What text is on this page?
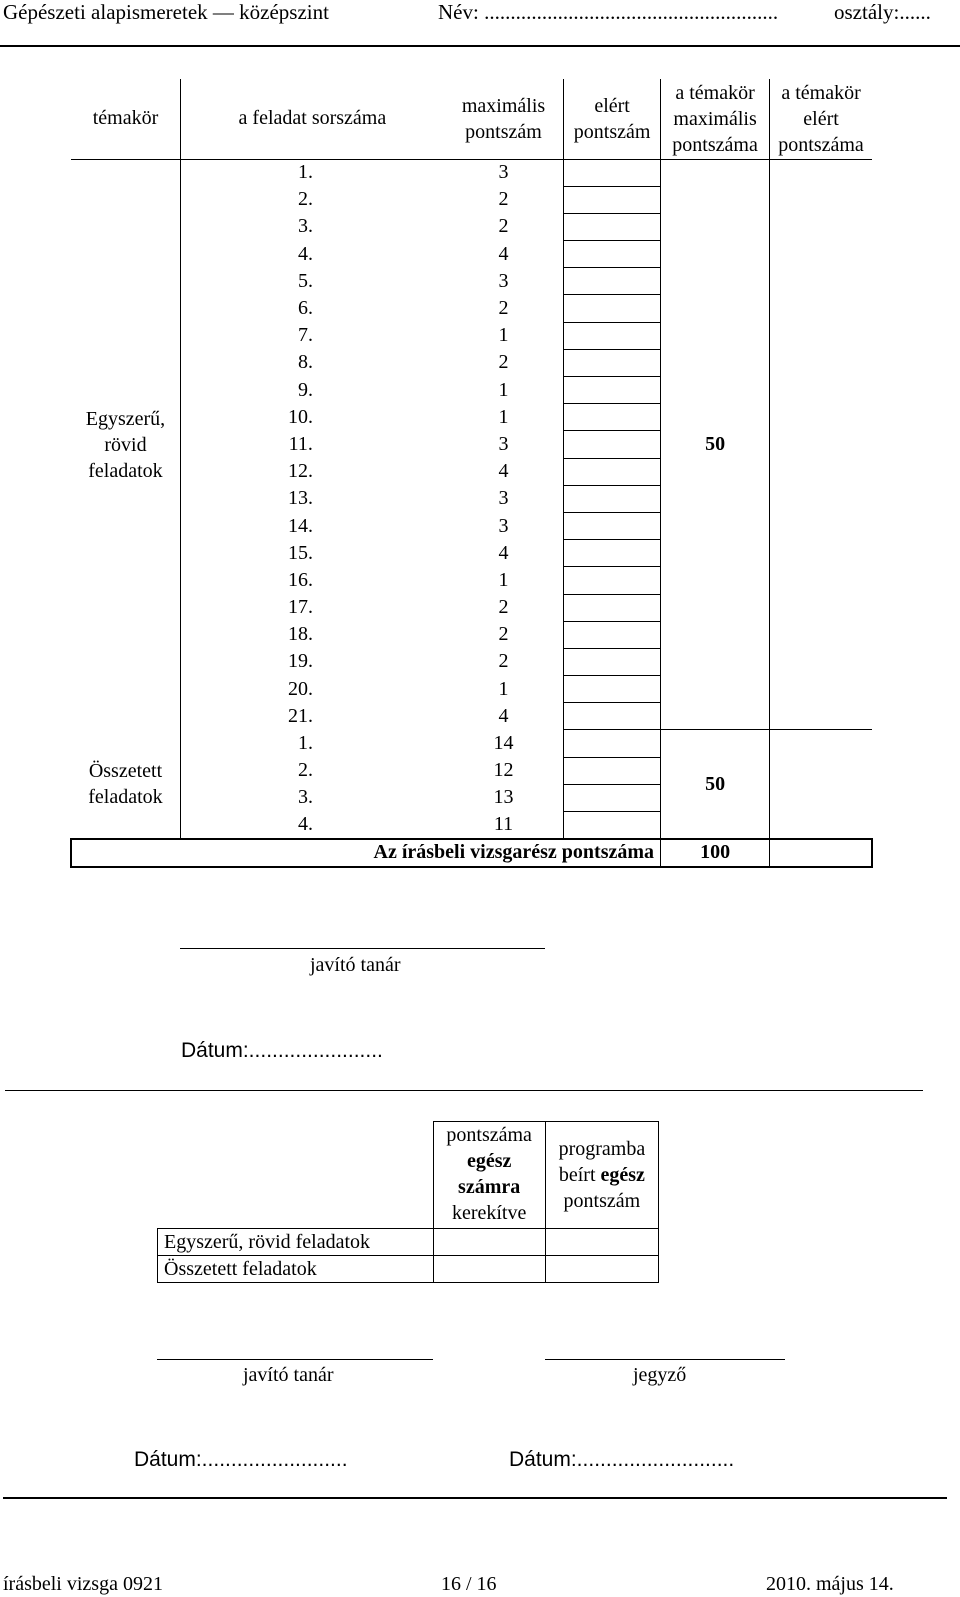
Gépészeti alapismeretek — középszint	Név: ........................................................	osztály:......
témakör	a feladat sorszáma		maximális pontszám	elért pontszám	a témakör maximális pontszáma	a témakör elért pontszáma
Egyszerű, rövid feladatok	1.		3		50	
	2.		2			
	3.		2			
	4.		4			
	5.		3			
	6.		2			
	7.		1			
	8.		2			
	9.		1			
	10.		1			
	11.		3			
	12.		4			
	13.		3			
	14.		3			
	15.		4			
	16.		1			
	17.		2			
	18.		2			
	19.		2			
	20.		1			
	21.		4			
Összetett feladatok	1.		14		50	
	2.		12			
	3.		13			
	4.		11			
Az írásbeli vizsgarész pontszáma					100	
javító tanár
Dátum:.......................
	pontszáma
egész
számra
kerekítve	programba
beírt egész
pontszám
Egyszerű, rövid feladatok		
Összetett feladatok		
javító tanár	jegyző
Dátum:.........................	Dátum:...........................
írásbeli vizsga 0921	16 / 16	2010. május 14.
